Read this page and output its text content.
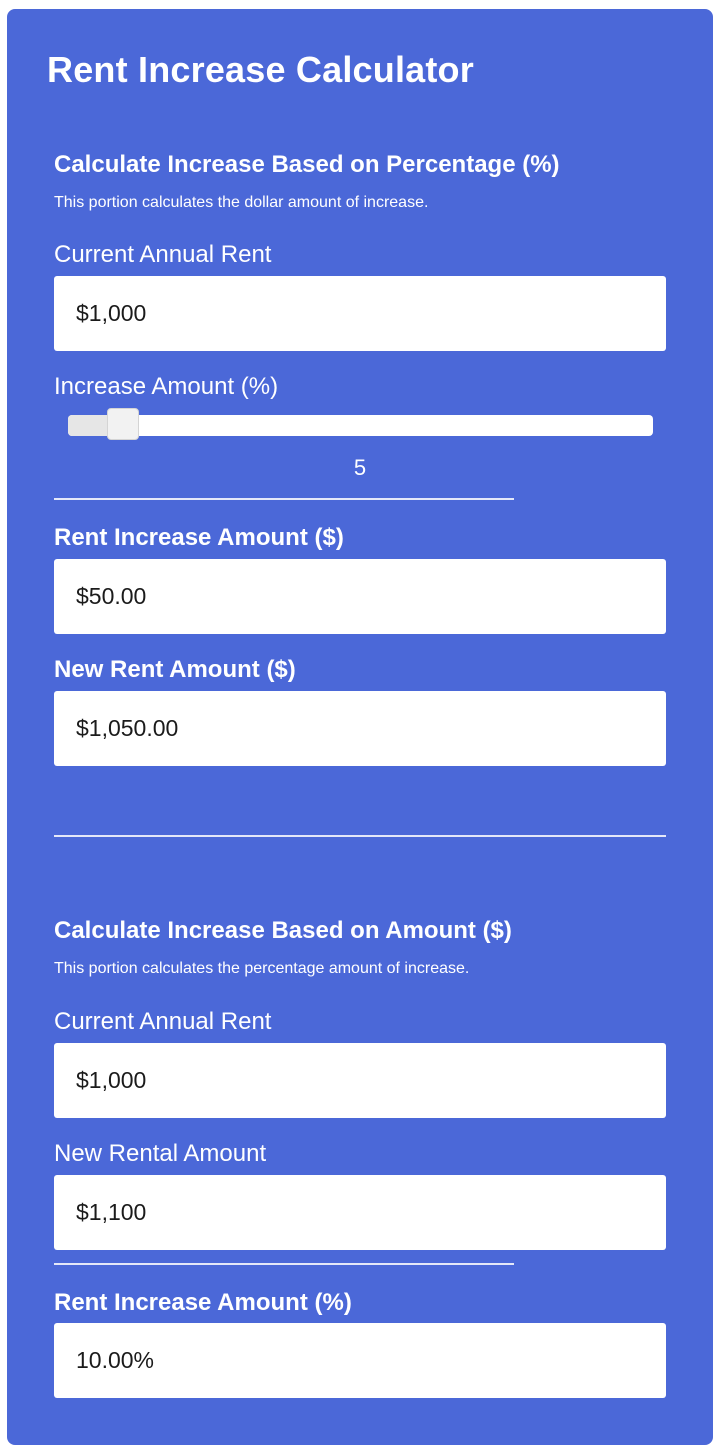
Rent Increase Calculator
Calculate Increase Based on Percentage (%)
This portion calculates the dollar amount of increase.
Current Annual Rent
$1,000
Increase Amount (%)
5
Rent Increase Amount ($)
$50.00
New Rent Amount ($)
$1,050.00
Calculate Increase Based on Amount ($)
This portion calculates the percentage amount of increase.
Current Annual Rent
$1,000
New Rental Amount
$1,100
Rent Increase Amount (%)
10.00%
